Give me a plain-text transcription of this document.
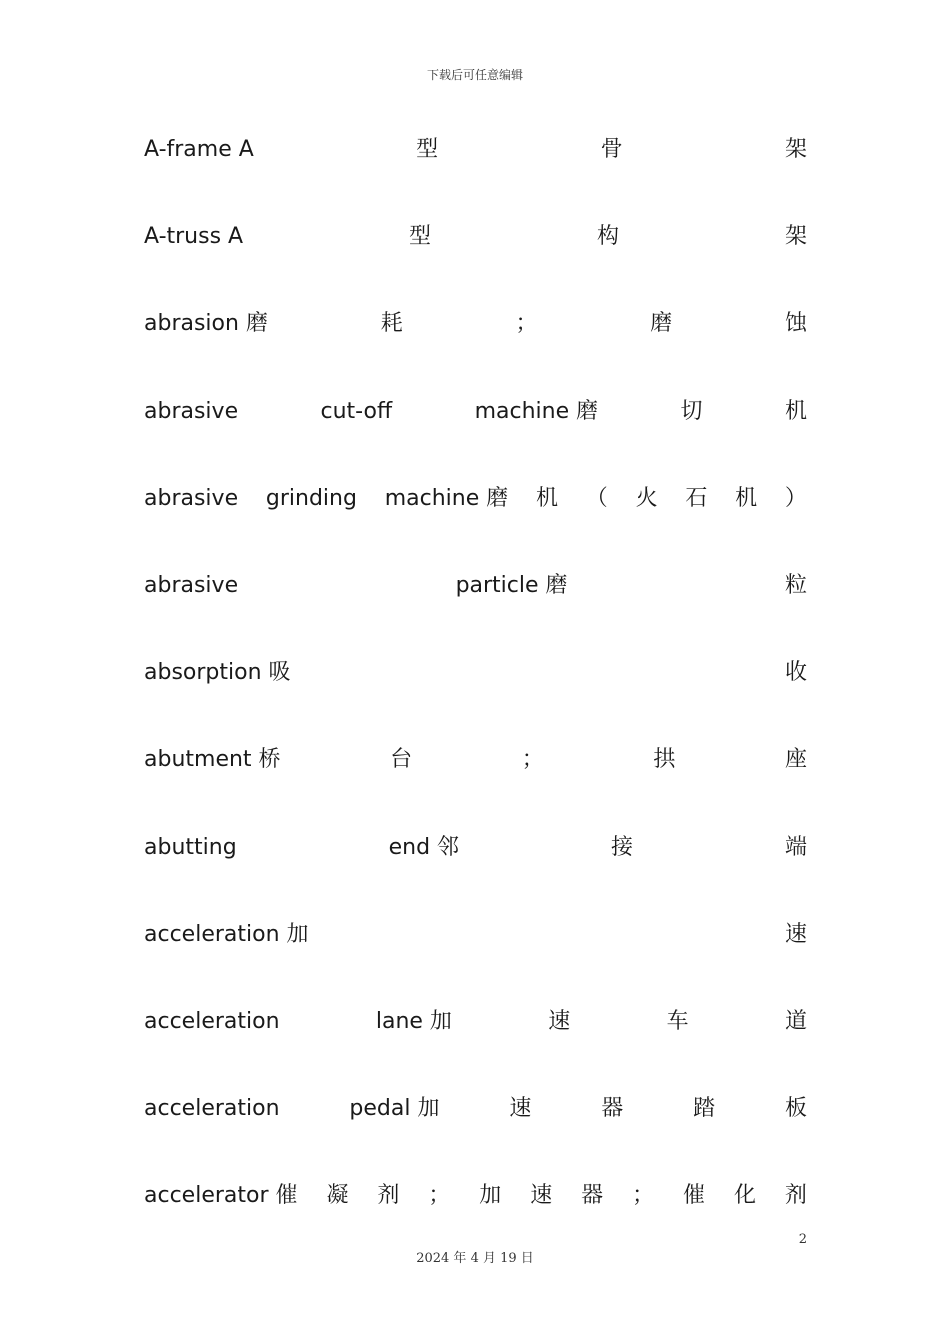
下载后可任意编辑
A-frame A	型	骨	架
A-truss A	型	构	架
abrasion 磨	耗	；	磨	蚀
abrasive	cut-off	machine 磨	切	机
abrasive grinding machine 磨 机 （ 火 石 机 ）
abrasive	particle 磨	粒
absorption 吸	收
abutment 桥	台	；	拱	座
abutting	end 邻	接	端
acceleration 加	速
acceleration	lane 加	速	车	道
acceleration	pedal 加	速	器	踏	板
accelerator 催 凝 剂 ； 加 速 器 ； 催 化 剂
2
2024 年 4 月 19 日
